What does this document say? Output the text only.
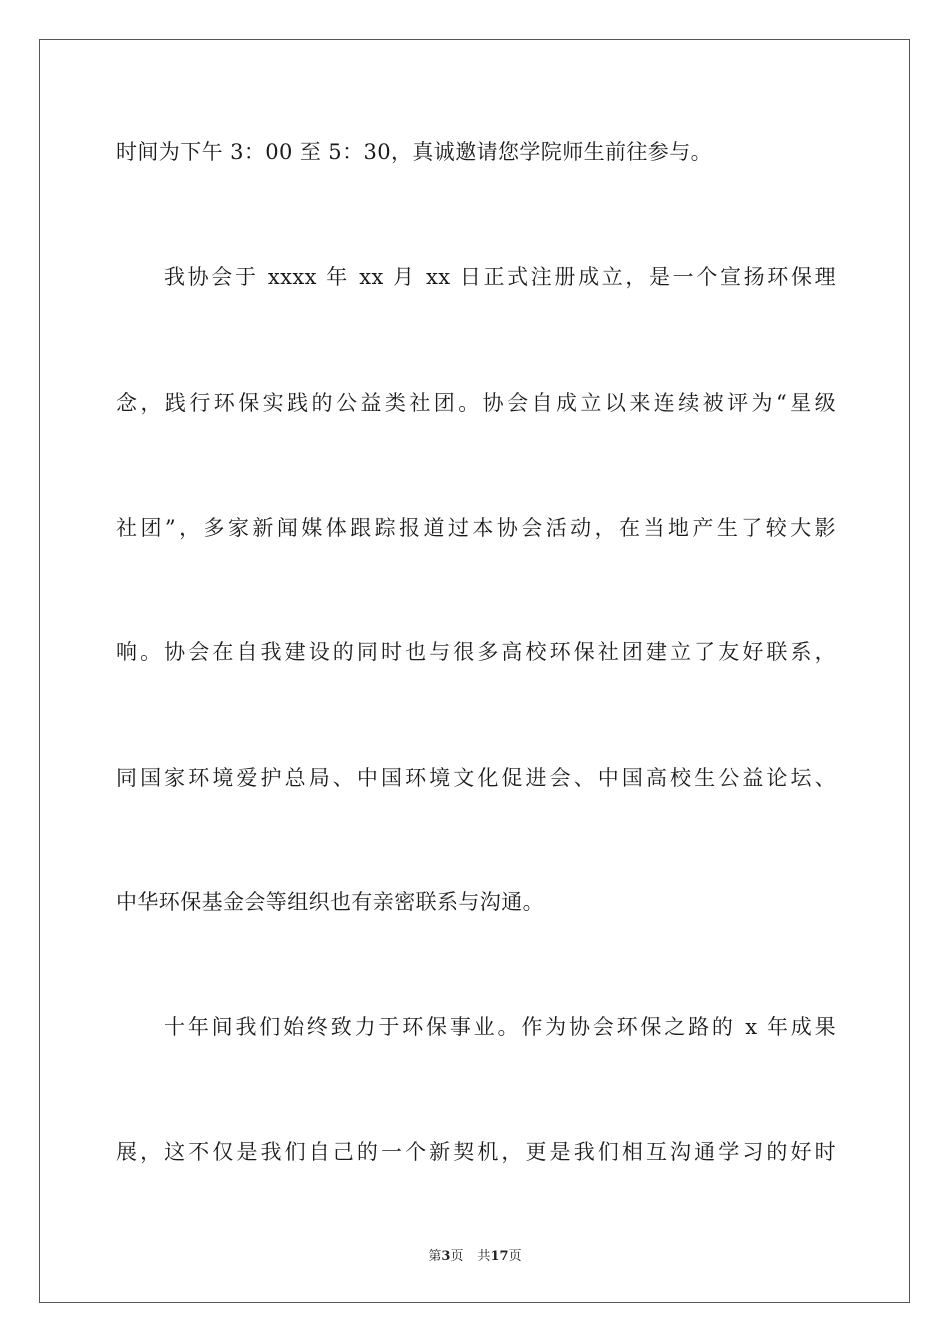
时间为下午 3：00 至 5：30，真诚邀请您学院师生前往参与。
我协会于 xxxx 年 xx 月 xx 日正式注册成立，是一个宣扬环保理
念，践行环保实践的公益类社团。协会自成立以来连续被评为“星级
社团”，多家新闻媒体跟踪报道过本协会活动，在当地产生了较大影
响。协会在自我建设的同时也与很多高校环保社团建立了友好联系，
同国家环境爱护总局、中国环境文化促进会、中国高校生公益论坛、
中华环保基金会等组织也有亲密联系与沟通。
十年间我们始终致力于环保事业。作为协会环保之路的 x 年成果
展，这不仅是我们自己的一个新契机，更是我们相互沟通学习的好时
第3页 共17页
